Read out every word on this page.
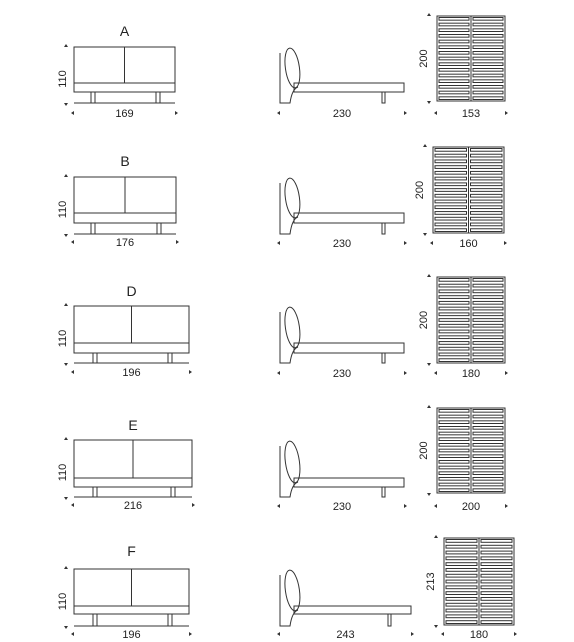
A
110
169	230
200
153
B
110
176	230
200
160
D
110
196	230
200
180
E
110
216	230
200
200
F
110
196	243
213
180
